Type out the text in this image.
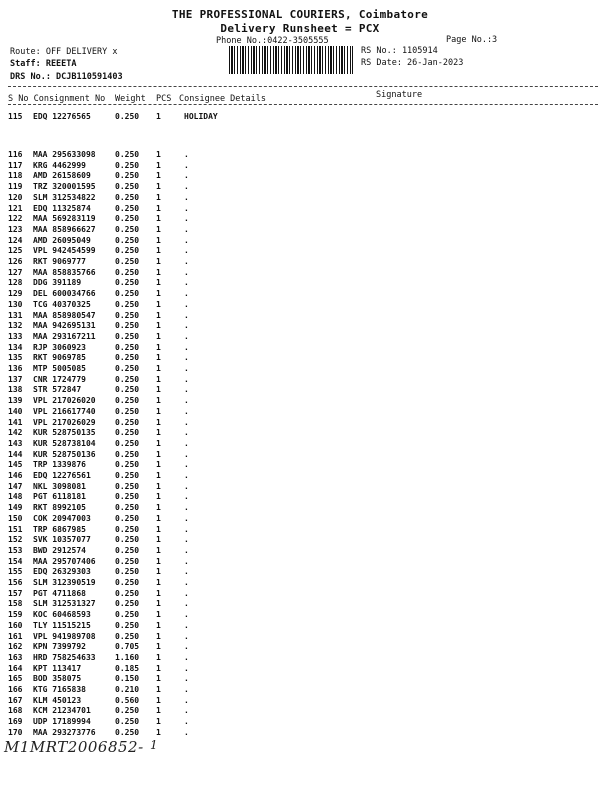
THE PROFESSIONAL COURIERS, Coimbatore
Delivery Runsheet = PCX
Phone No.:0422-3505555	Page No.:3
Route: OFF DELIVERY x
Staff: REEETA
DRS No.: DCJB110591403
RS No.: 1105914
RS Date: 26-Jan-2023
S No Consignment No Weight PCS Consignee Details	Signature
115 EDQ 12276565	0.250 1	HOLIDAY
116 MAA 295633098 0.250 1	.
117 KRG 4462999	0.250 1	.
118 AMD 26158609	0.250 1	.
119 TRZ 320001595 0.250 1	.
120 SLM 312534822 0.250 1	.
121 EDQ 11325874	0.250 1	.
122 MAA 569283119 0.250 1	.
123 MAA 858966627 0.250 1	.
124 AMD 26095049	0.250 1	.
125 VPL 942454599 0.250 1	.
126 RKT 9069777	0.250 1	.
127 MAA 858835766 0.250 1	.
128 DDG 391189	0.250 1	.
129 DEL 600034766 0.250 1	.
130 TCG 40370325	0.250 1	.
131 MAA 858980547 0.250 1	.
132 MAA 942695131 0.250 1	.
133 MAA 293167211 0.250 1	.
134 RJP 3060923	0.250 1	.
135 RKT 9069785	0.250 1	.
136 MTP 5005085	0.250 1	.
137 CNR 1724779	0.250 1	.
138 STR 572847	0.250 1	.
139 VPL 217026020 0.250 1	.
140 VPL 216617740 0.250 1	.
141 VPL 217026029 0.250 1	.
142 KUR 528750135 0.250 1	.
143 KUR 528738104 0.250 1	.
144 KUR 528750136 0.250 1	.
145 TRP 1339876	0.250 1	.
146 EDQ 12276561	0.250 1	.
147 NKL 3098081	0.250 1	.
148 PGT 6118181	0.250 1	.
149 RKT 8992105	0.250 1	.
150 COK 20947003	0.250 1	.
151 TRP 6867985	0.250 1	.
152 SVK 10357077	0.250 1	.
153 BWD 2912574	0.250 1	.
154 MAA 295707406 0.250 1	.
155 EDQ 26329303	0.250 1	.
156 SLM 312390519 0.250 1	.
157 PGT 4711868	0.250 1	.
158 SLM 312531327 0.250 1	.
159 KOC 60468593	0.250 1	.
160 TLY 11515215	0.250 1	.
161 VPL 941989708 0.250 1	.
162 KPN 7399792	0.705 1	.
163 HRD 758254633 1.160 1	.
164 KPT 113417	0.185 1	.
165 BOD 358075	0.150 1	.
166 KTG 7165838	0.210 1	.
167 KLM 450123	0.560 1	.
168 KCM 21234701	0.250 1	.
169 UDP 17189994	0.250 1	.
170 MAA 293273776 0.250 1	.
M1MRT2006852- 1
